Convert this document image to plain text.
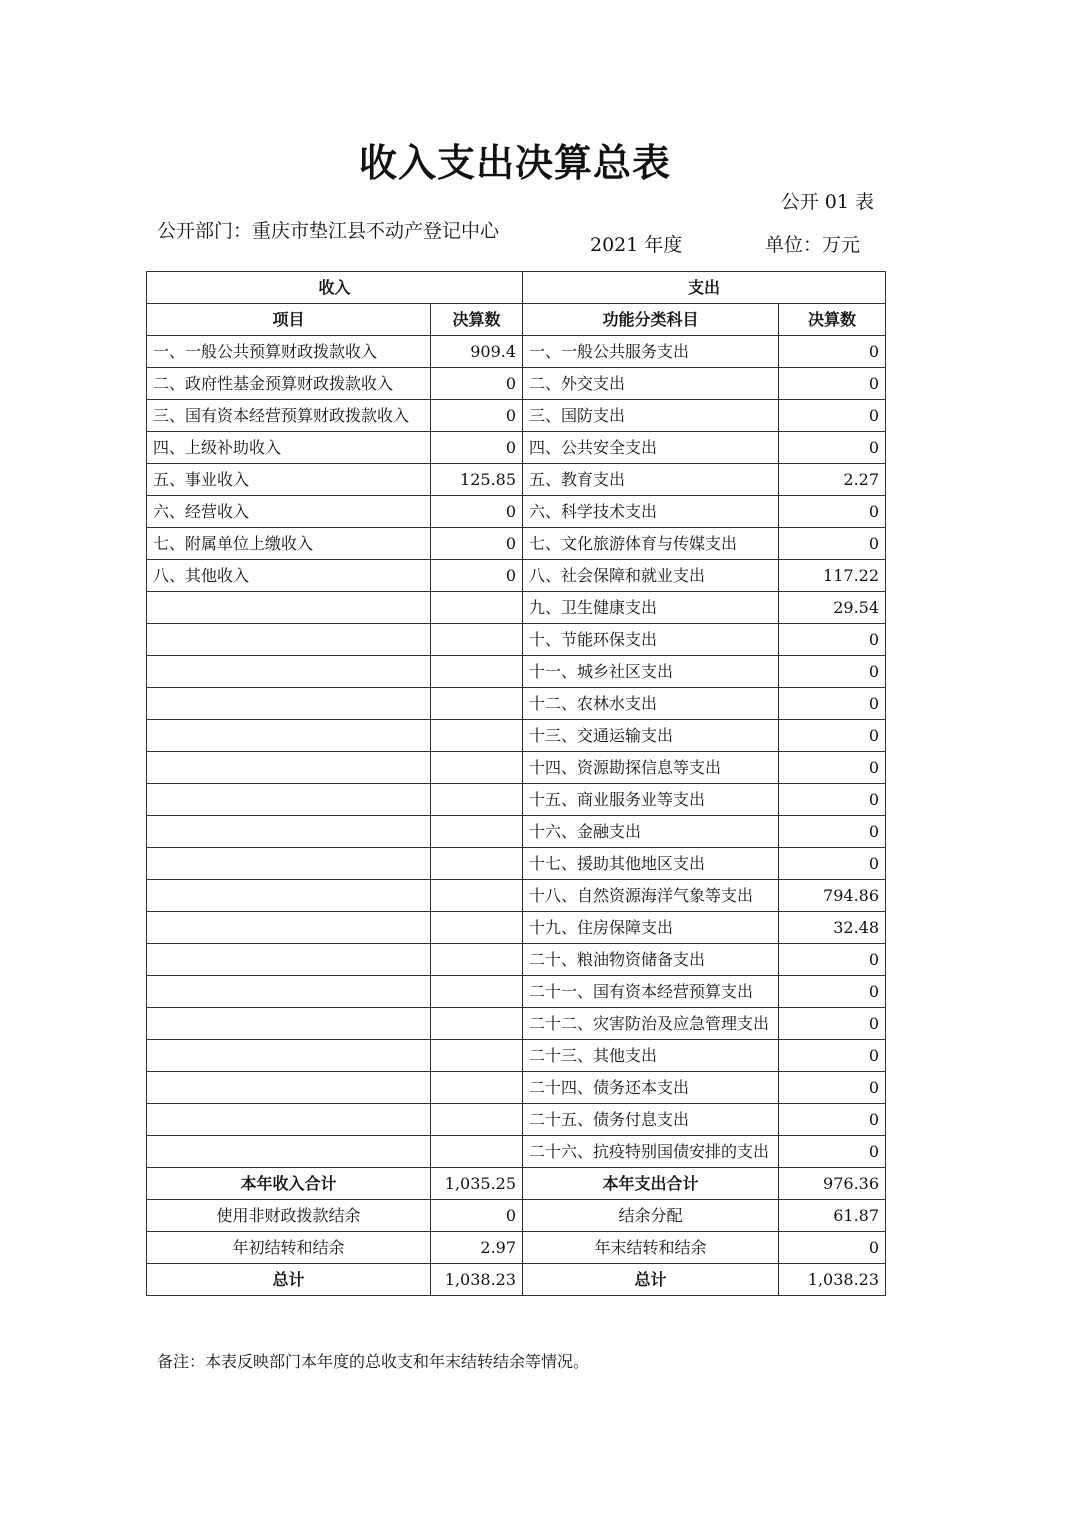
收入支出决算总表
公开 01 表
公开部门：重庆市垫江县不动产登记中心
2021 年度	单位：万元
收入		支出	
项目	决算数	功能分类科目	决算数
一、一般公共预算财政拨款收入	909.4	一、一般公共服务支出	0
二、政府性基金预算财政拨款收入	0	二、外交支出	0
三、国有资本经营预算财政拨款收入	0	三、国防支出	0
四、上级补助收入	0	四、公共安全支出	0
五、事业收入	125.85	五、教育支出	2.27
六、经营收入	0	六、科学技术支出	0
七、附属单位上缴收入	0	七、文化旅游体育与传媒支出	0
八、其他收入	0	八、社会保障和就业支出	117.22
		九、卫生健康支出	29.54
		十、节能环保支出	0
		十一、城乡社区支出	0
		十二、农林水支出	0
		十三、交通运输支出	0
		十四、资源勘探信息等支出	0
		十五、商业服务业等支出	0
		十六、金融支出	0
		十七、援助其他地区支出	0
		十八、自然资源海洋气象等支出	794.86
		十九、住房保障支出	32.48
		二十、粮油物资储备支出	0
		二十一、国有资本经营预算支出	0
		二十二、灾害防治及应急管理支出	0
		二十三、其他支出	0
		二十四、债务还本支出	0
		二十五、债务付息支出	0
		二十六、抗疫特别国债安排的支出	0
本年收入合计	1,035.25	本年支出合计	976.36
使用非财政拨款结余	0	结余分配	61.87
年初结转和结余	2.97	年末结转和结余	0
总计	1,038.23	总计	1,038.23
备注：本表反映部门本年度的总收支和年末结转结余等情况。
